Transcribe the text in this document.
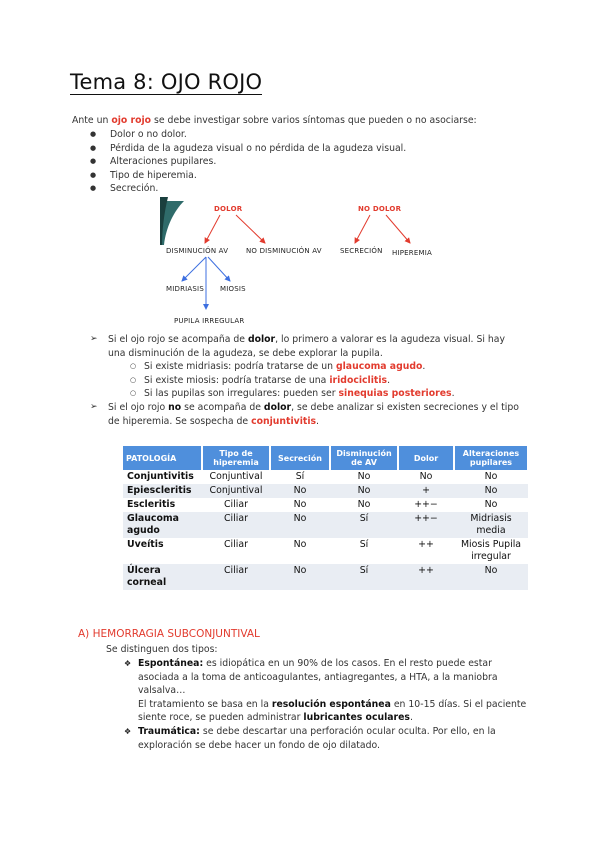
Tema 8: OJO ROJO
Ante un ojo rojo se debe investigar sobre varios síntomas que pueden o no asociarse:
● Dolor o no dolor.
● Pérdida de la agudeza visual o no pérdida de la agudeza visual.
● Alteraciones pupilares.
● Tipo de hiperemia.
● Secreción.
DOLOR	NO DOLOR
DISMINUCIÓN AV	NO DISMINUCIÓN AV	SECRECIÓN HIPEREMIA
MIDRIASIS MIOSIS
PUPILA IRREGULAR
➢ Si el ojo rojo se acompaña de dolor, lo primero a valorar es la agudeza visual. Si hay una disminución de la agudeza, se debe explorar la pupila.
○ Si existe midriasis: podría tratarse de un glaucoma agudo.
○ Si existe miosis: podría tratarse de una iridociclitis.
○ Si las pupilas son irregulares: pueden ser sinequias posteriores.
➢ Si el ojo rojo no se acompaña de dolor, se debe analizar si existen secreciones y el tipo de hiperemia. Se sospecha de conjuntivitis.
PATOLOGÍA	Tipo de hiperemia	Secreción	Disminución de AV	Dolor	Alteraciones pupilares
Conjuntivitis	Conjuntival	Sí	No	No	No
Epiescleritis	Conjuntival	No	No	+	No
Escleritis	Ciliar	No	No	++−	No
Glaucoma agudo	Ciliar	No	Sí	++−	Midriasis media
Uveítis	Ciliar	No	Sí	++	Miosis Pupila irregular
Úlcera corneal	Ciliar	No	Sí	++	No
A) HEMORRAGIA SUBCONJUNTIVAL
Se distinguen dos tipos:
❖ Espontánea: es idiopática en un 90% de los casos. En el resto puede estar asociada a la toma de anticoagulantes, antiagregantes, a HTA, a la maniobra valsalva…
El tratamiento se basa en la resolución espontánea en 10-15 días. Si el paciente siente roce, se pueden administrar lubricantes oculares.
❖ Traumática: se debe descartar una perforación ocular oculta. Por ello, en la exploración se debe hacer un fondo de ojo dilatado.
